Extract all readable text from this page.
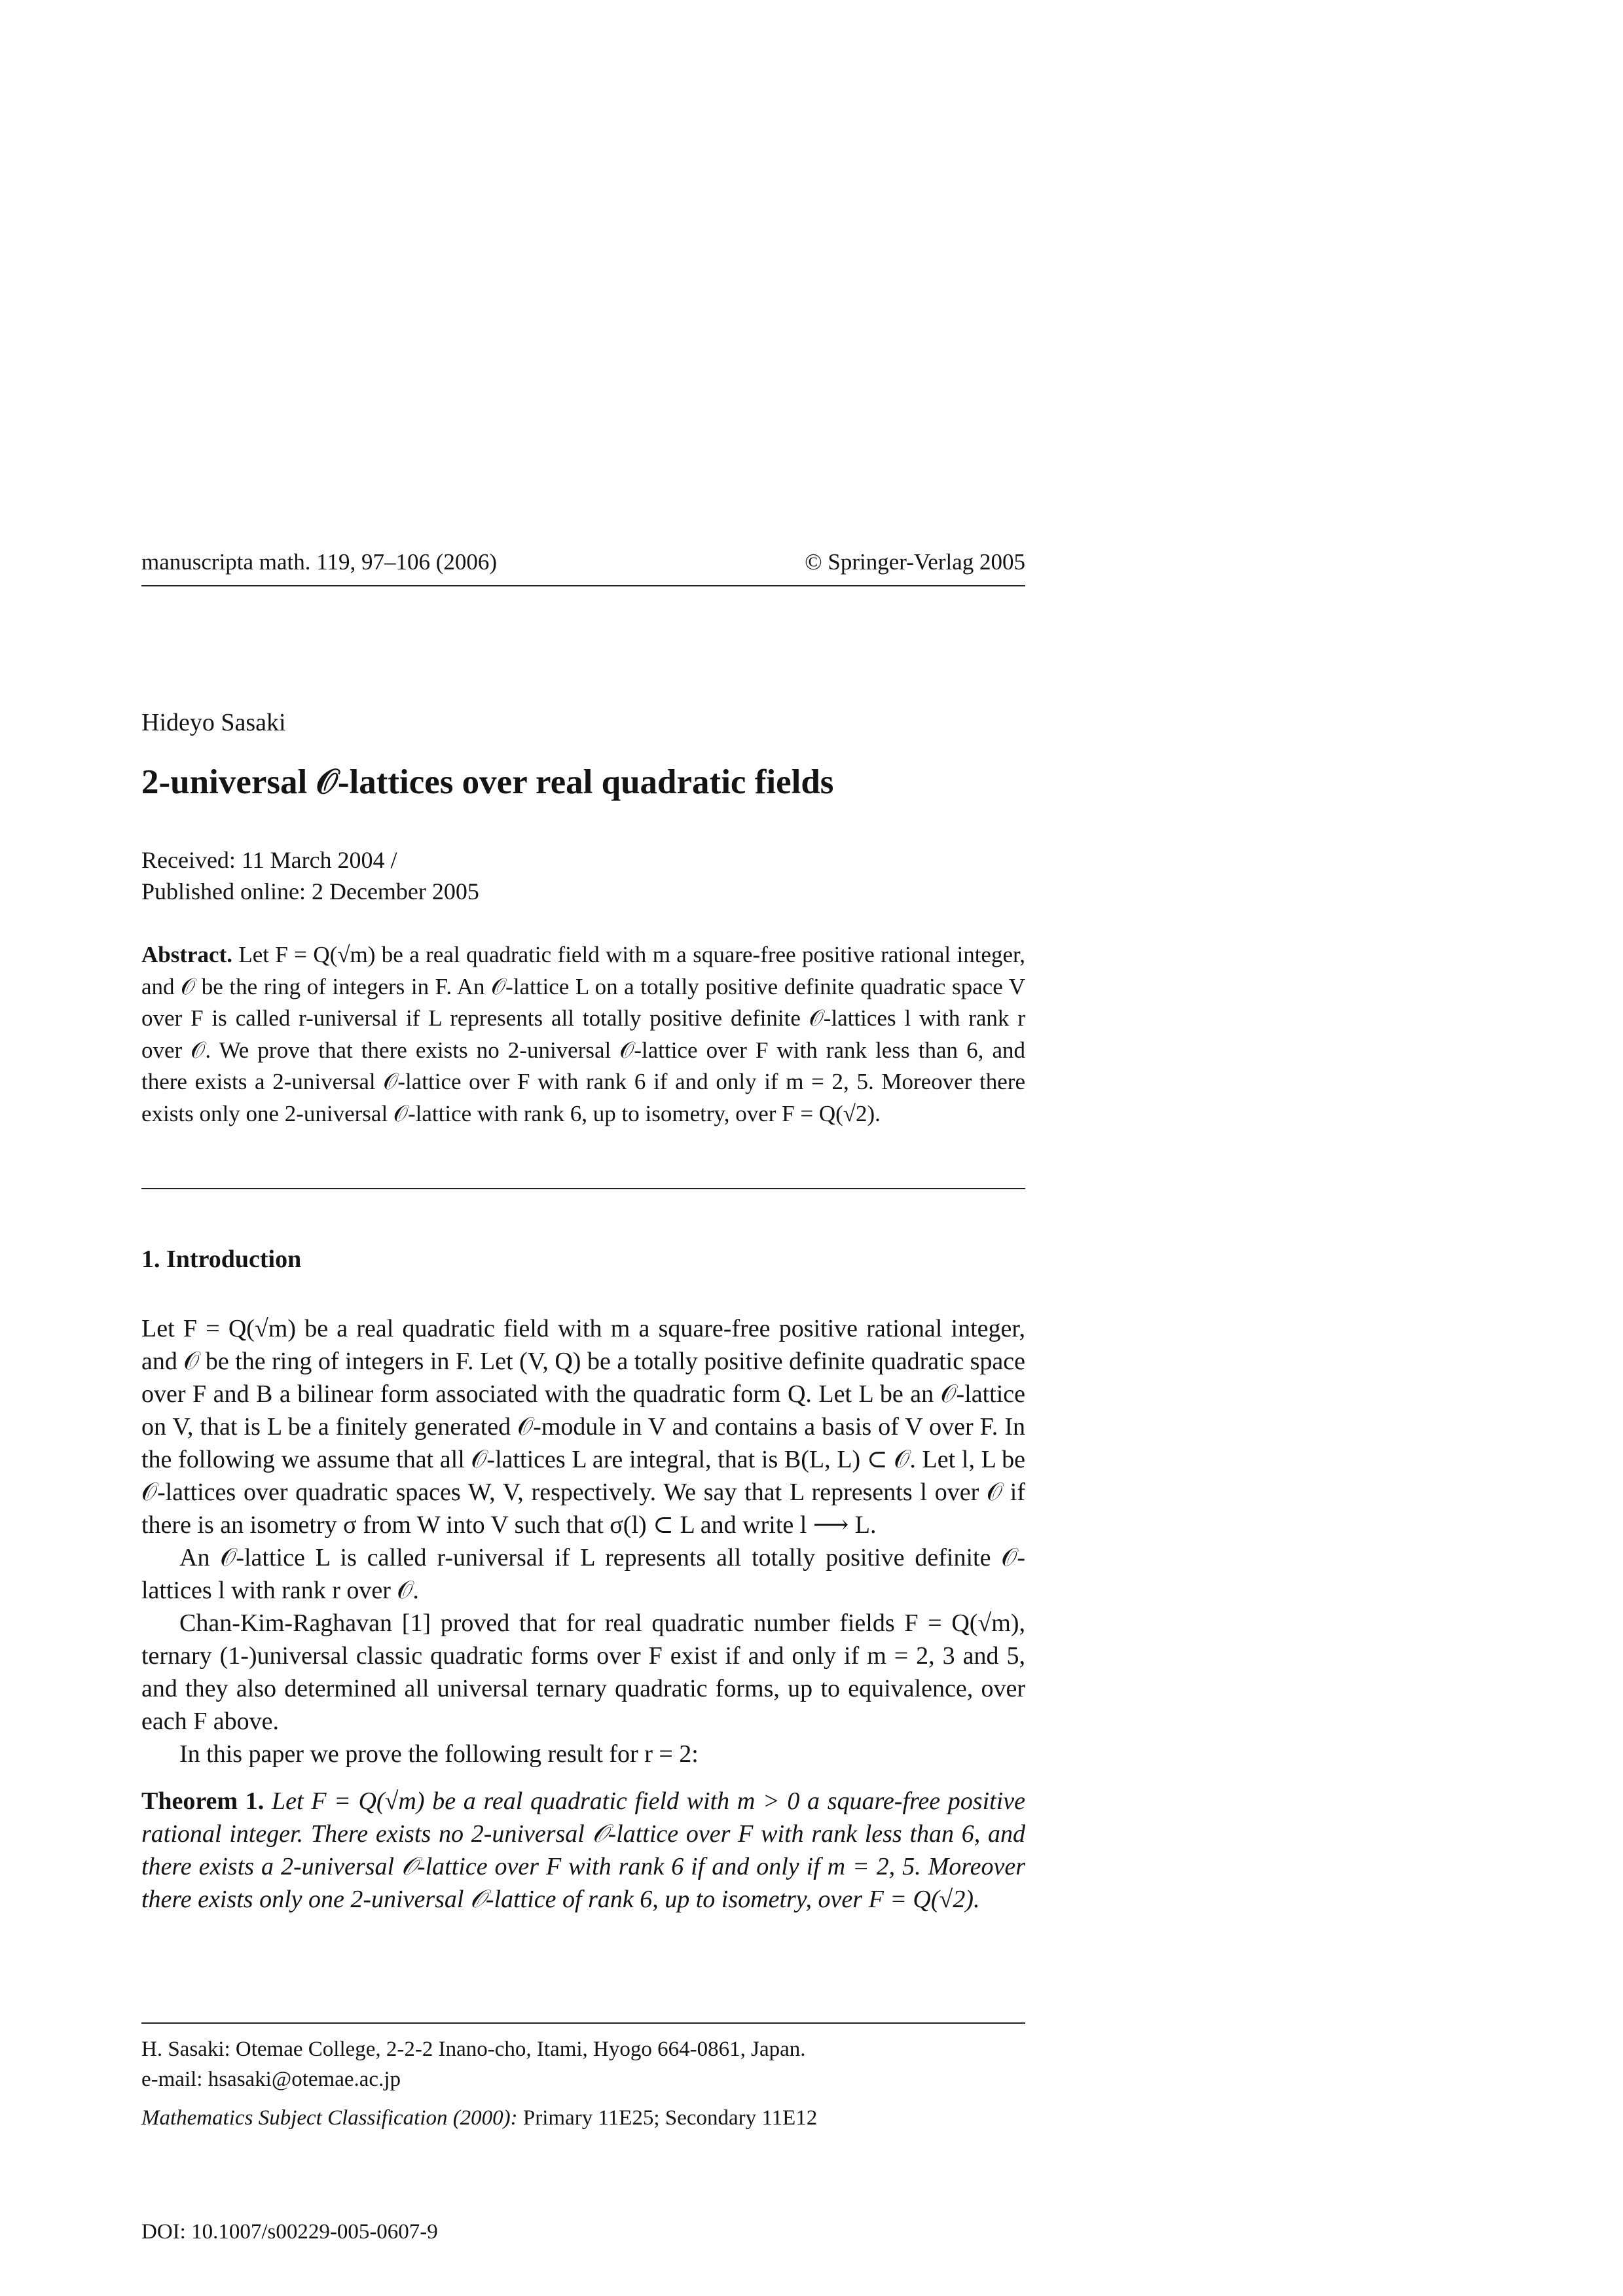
manuscripta math. 119, 97–106 (2006)	© Springer-Verlag 2005
Hideyo Sasaki
2-universal 𝒪-lattices over real quadratic fields
Received: 11 March 2004 /
Published online: 2 December 2005
Abstract. Let F = Q(√m) be a real quadratic field with m a square-free positive rational integer, and 𝒪 be the ring of integers in F. An 𝒪-lattice L on a totally positive definite quadratic space V over F is called r-universal if L represents all totally positive definite 𝒪-lattices l with rank r over 𝒪. We prove that there exists no 2-universal 𝒪-lattice over F with rank less than 6, and there exists a 2-universal 𝒪-lattice over F with rank 6 if and only if m = 2, 5. Moreover there exists only one 2-universal 𝒪-lattice with rank 6, up to isometry, over F = Q(√2).
1. Introduction

Let F = Q(√m) be a real quadratic field with m a square-free positive rational integer, and 𝒪 be the ring of integers in F. Let (V, Q) be a totally positive definite quadratic space over F and B a bilinear form associated with the quadratic form Q. Let L be an 𝒪-lattice on V, that is L be a finitely generated 𝒪-module in V and contains a basis of V over F. In the following we assume that all 𝒪-lattices L are integral, that is B(L, L) ⊂ 𝒪. Let l, L be 𝒪-lattices over quadratic spaces W, V, respectively. We say that L represents l over 𝒪 if there is an isometry σ from W into V such that σ(l) ⊂ L and write l ⟶ L.

An 𝒪-lattice L is called r-universal if L represents all totally positive definite 𝒪-lattices l with rank r over 𝒪.

Chan-Kim-Raghavan [1] proved that for real quadratic number fields F = Q(√m), ternary (1-)universal classic quadratic forms over F exist if and only if m = 2, 3 and 5, and they also determined all universal ternary quadratic forms, up to equivalence, over each F above.

In this paper we prove the following result for r = 2:

Theorem 1. Let F = Q(√m) be a real quadratic field with m > 0 a square-free positive rational integer. There exists no 2-universal 𝒪-lattice over F with rank less than 6, and there exists a 2-universal 𝒪-lattice over F with rank 6 if and only if m = 2, 5. Moreover there exists only one 2-universal 𝒪-lattice of rank 6, up to isometry, over F = Q(√2).

H. Sasaki: Otemae College, 2-2-2 Inano-cho, Itami, Hyogo 664-0861, Japan.
e-mail: hsasaki@otemae.ac.jp
Mathematics Subject Classification (2000): Primary 11E25; Secondary 11E12
DOI: 10.1007/s00229-005-0607-9
